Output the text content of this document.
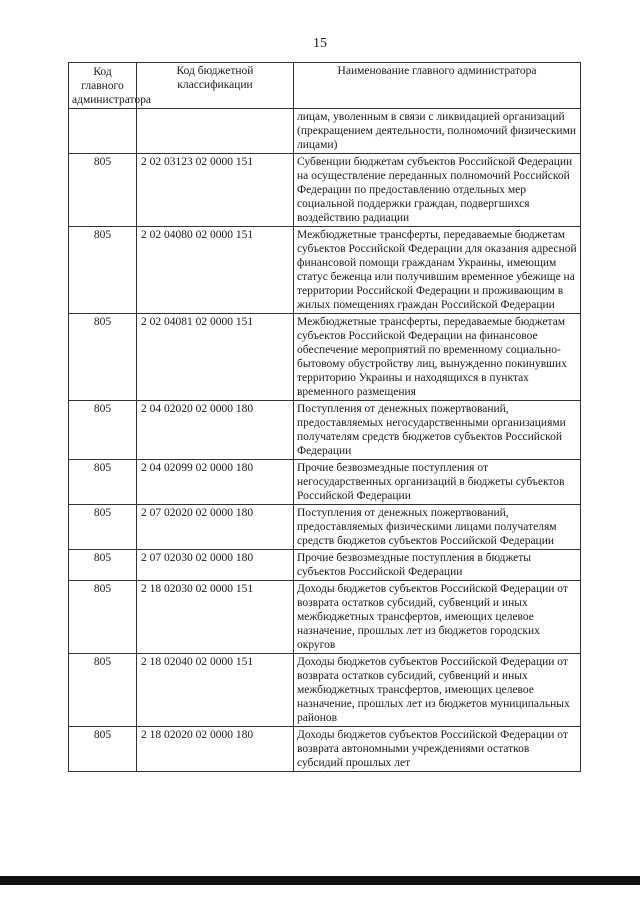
15
Код главного администратора	Код бюджетной классификации	Наименование главного администратора
		лицам, уволенным в связи с ликвидацией организаций (прекращением деятельности, полномочий физическими лицами)
805	2 02 03123 02 0000 151	Субвенции бюджетам субъектов Российской Федерации на осуществление переданных полномочий Российской Федерации по предоставлению отдельных мер социальной поддержки граждан, подвергшихся воздействию радиации
805	2 02 04080 02 0000 151	Межбюджетные трансферты, передаваемые бюджетам субъектов Российской Федерации для оказания адресной финансовой помощи гражданам Украины, имеющим статус беженца или получившим временное убежище на территории Российской Федерации и проживающим в жилых помещениях граждан Российской Федерации
805	2 02 04081 02 0000 151	Межбюджетные трансферты, передаваемые бюджетам субъектов Российской Федерации на финансовое обеспечение мероприятий по временному социально-бытовому обустройству лиц, вынужденно покинувших территорию Украины и находящихся в пунктах временного размещения
805	2 04 02020 02 0000 180	Поступления от денежных пожертвований, предоставляемых негосударственными организациями получателям средств бюджетов субъектов Российской Федерации
805	2 04 02099 02 0000 180	Прочие безвозмездные поступления от негосударственных организаций в бюджеты субъектов Российской Федерации
805	2 07 02020 02 0000 180	Поступления от денежных пожертвований, предоставляемых физическими лицами получателям средств бюджетов субъектов Российской Федерации
805	2 07 02030 02 0000 180	Прочие безвозмездные поступления в бюджеты субъектов Российской Федерации
805	2 18 02030 02 0000 151	Доходы бюджетов субъектов Российской Федерации от возврата остатков субсидий, субвенций и иных межбюджетных трансфертов, имеющих целевое назначение, прошлых лет из бюджетов городских округов
805	2 18 02040 02 0000 151	Доходы бюджетов субъектов Российской Федерации от возврата остатков субсидий, субвенций и иных межбюджетных трансфертов, имеющих целевое назначение, прошлых лет из бюджетов муниципальных районов
805	2 18 02020 02 0000 180	Доходы бюджетов субъектов Российской Федерации от возврата автономными учреждениями остатков субсидий прошлых лет
